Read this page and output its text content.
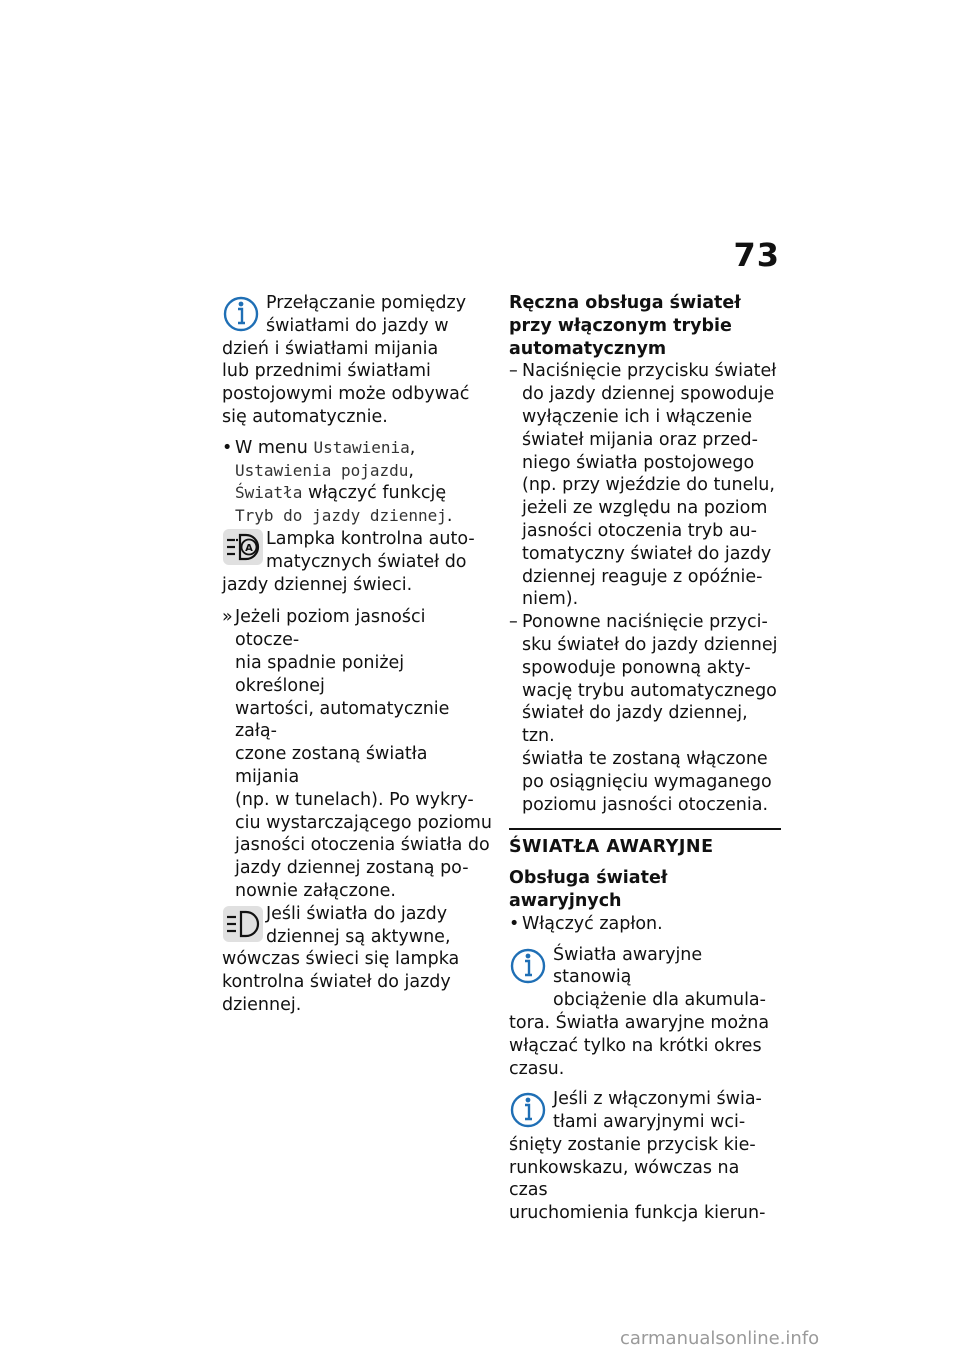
73

Przełączanie pomiędzy
światłami do jazdy w

dzień i światłami mijania
lub przednimi światłami
postojowymi może odbywać
się automatycznie.

• W menu Ustawienia,
Ustawienia pojazdu,
Światła włączyć funkcję
Tryb do jazdy dziennej.
A Lampka kontrolna auto-
matycznych świateł do

jazdy dziennej świeci.

» Jeżeli poziom jasności otocze-
nia spadnie poniżej określonej
wartości, automatycznie załą-
czone zostaną światła mijania
(np. w tunelach). Po wykry-
ciu wystarczającego poziomu
jasności otoczenia światła do
jazdy dziennej zostaną po-
nownie załączone.

Jeśli światła do jazdy
dziennej są aktywne,

wówczas świeci się lampka
kontrolna świateł do jazdy
dziennej.

Ręczna obsługa świateł
przy włączonym trybie
automatycznym
– Naciśnięcie przycisku świateł
do jazdy dziennej spowoduje
wyłączenie ich i włączenie
świateł mijania oraz przed-
niego światła postojowego
(np. przy wjeździe do tunelu,
jeżeli ze względu na poziom
jasności otoczenia tryb au-
tomatyczny świateł do jazdy
dziennej reaguje z opóźnie-
niem).
– Ponowne naciśnięcie przyci-
sku świateł do jazdy dziennej
spowoduje ponowną akty-
wację trybu automatycznego
świateł do jazdy dziennej, tzn.
światła te zostaną włączone
po osiągnięciu wymaganego
poziomu jasności otoczenia.
ŚWIATŁA AWARYJNE
Obsługa świateł awaryjnych
• Włączyć zapłon.

Światła awaryjne stanowią
obciążenie dla akumula-

tora. Światła awaryjne można
włączać tylko na krótki okres
czasu.

Jeśli z włączonymi świa-
tłami awaryjnymi wci-

śnięty zostanie przycisk kie-
runkowskazu, wówczas na czas
uruchomienia funkcja kierun-

carmanualsonline.info
